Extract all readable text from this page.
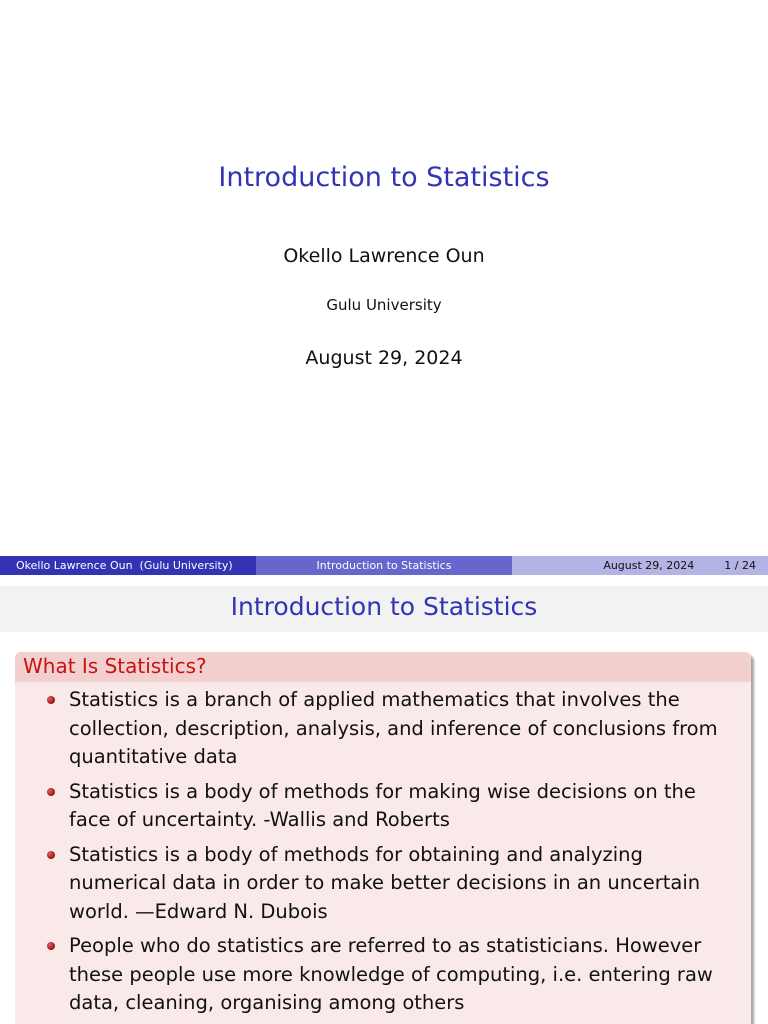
Introduction to Statistics
Okello Lawrence Oun
Gulu University
August 29, 2024
Okello Lawrence Oun  (Gulu University)	Introduction to Statistics	August 29, 2024	1 / 24
Introduction to Statistics
What Is Statistics?
Statistics is a branch of applied mathematics that involves the collection, description, analysis, and inference of conclusions from quantitative data
Statistics is a body of methods for making wise decisions on the face of uncertainty. -Wallis and Roberts
Statistics is a body of methods for obtaining and analyzing numerical data in order to make better decisions in an uncertain world. —Edward N. Dubois
People who do statistics are referred to as statisticians. However these people use more knowledge of computing, i.e. entering raw data, cleaning, organising among others
